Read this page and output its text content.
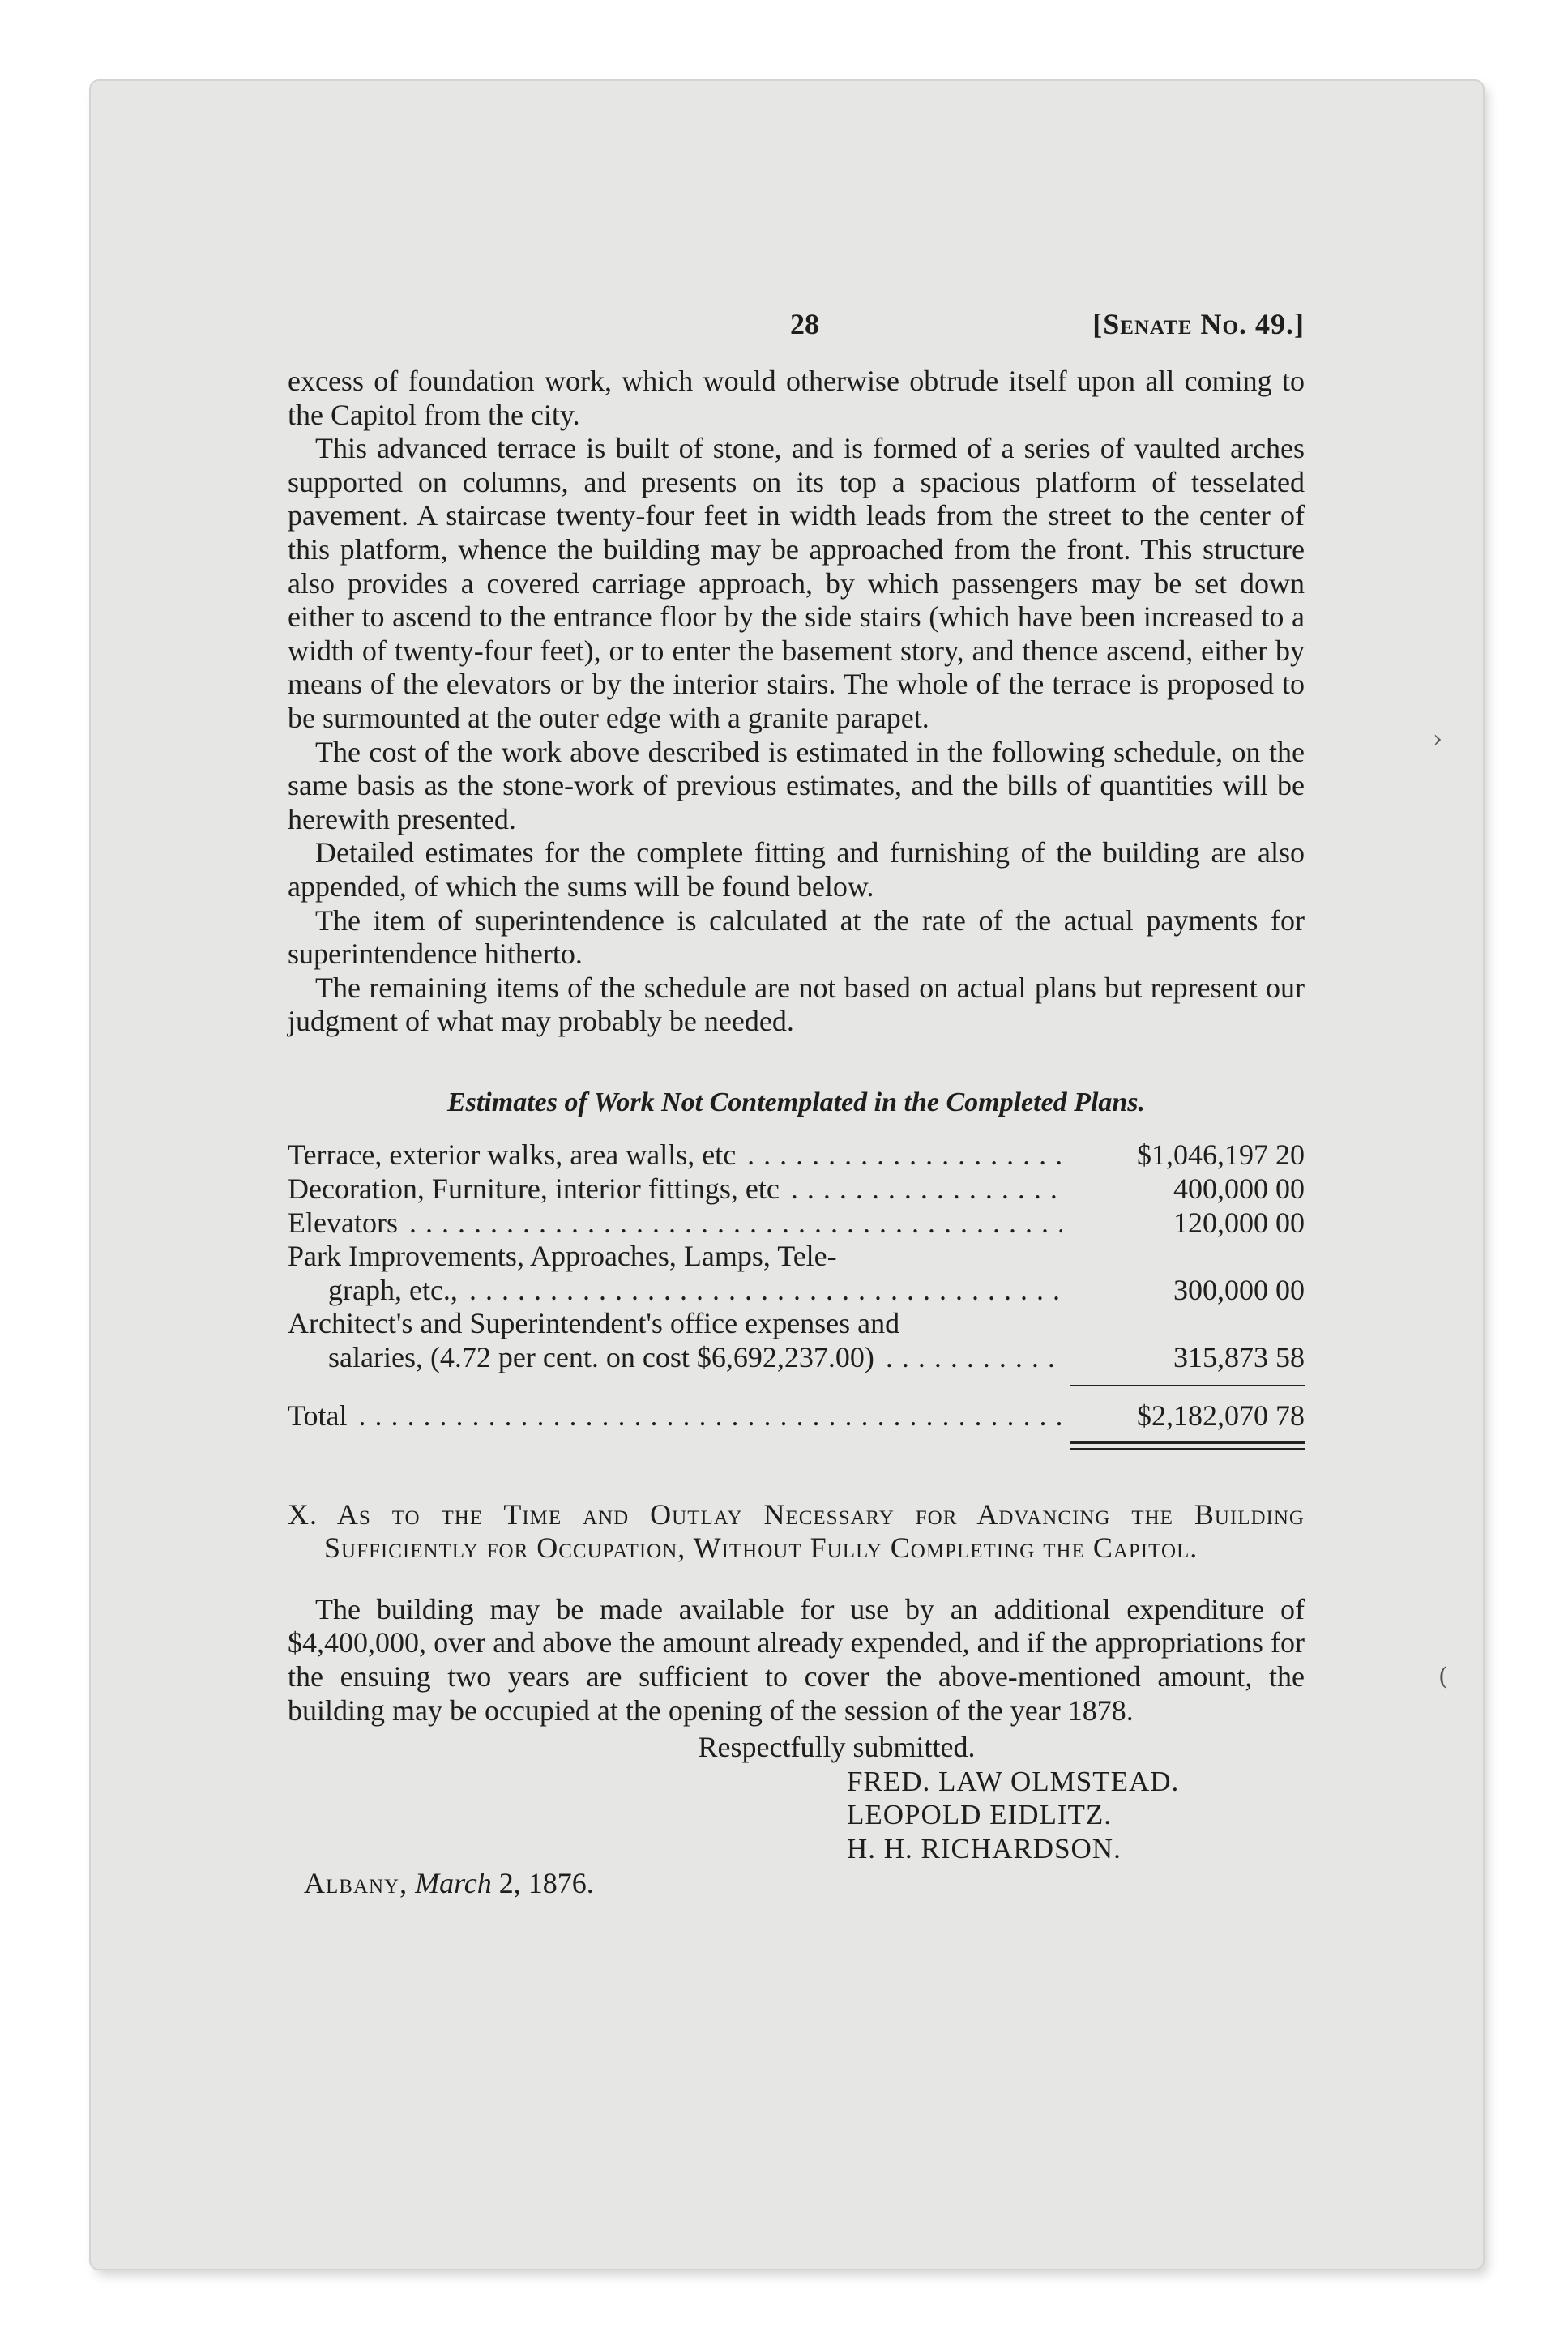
28	[Senate No. 49.]

excess of foundation work, which would otherwise obtrude itself upon all coming to the Capitol from the city.

This advanced terrace is built of stone, and is formed of a series of vaulted arches supported on columns, and presents on its top a spacious platform of tesselated pavement. A staircase twenty-four feet in width leads from the street to the center of this platform, whence the building may be approached from the front. This structure also provides a covered carriage approach, by which passengers may be set down either to ascend to the entrance floor by the side stairs (which have been increased to a width of twenty-four feet), or to enter the basement story, and thence ascend, either by means of the elevators or by the interior stairs. The whole of the terrace is proposed to be surmounted at the outer edge with a granite parapet.

The cost of the work above described is estimated in the following schedule, on the same basis as the stone-work of previous estimates, and the bills of quantities will be herewith presented.

Detailed estimates for the complete fitting and furnishing of the building are also appended, of which the sums will be found below.

The item of superintendence is calculated at the rate of the actual payments for superintendence hitherto.

The remaining items of the schedule are not based on actual plans but represent our judgment of what may probably be needed.

Estimates of Work Not Contemplated in the Completed Plans.
Terrace, exterior walks, area walls, etc . . .	$1,046,197 20
Decoration, Furniture, interior fittings, etc . . .	400,000 00
Elevators . . .	120,000 00
Park Improvements, Approaches, Lamps, Tele-
graph, etc., . . .	300,000 00
Architect's and Superintendent's office expenses and
salaries, (4.72 per cent. on cost $6,692,237.00) . . .	315,873 58
Total . . .	$2,182,070 78

X. As to the Time and Outlay Necessary for Advancing the Building Sufficiently for Occupation, Without Fully Completing the Capitol.

The building may be made available for use by an additional expenditure of $4,400,000, over and above the amount already expended, and if the appropriations for the ensuing two years are sufficient to cover the above-mentioned amount, the building may be occupied at the opening of the session of the year 1878.

Respectfully submitted.
FRED. LAW OLMSTEAD.
LEOPOLD EIDLITZ.
H. H. RICHARDSON.
Albany, March 2, 1876.
›
(
